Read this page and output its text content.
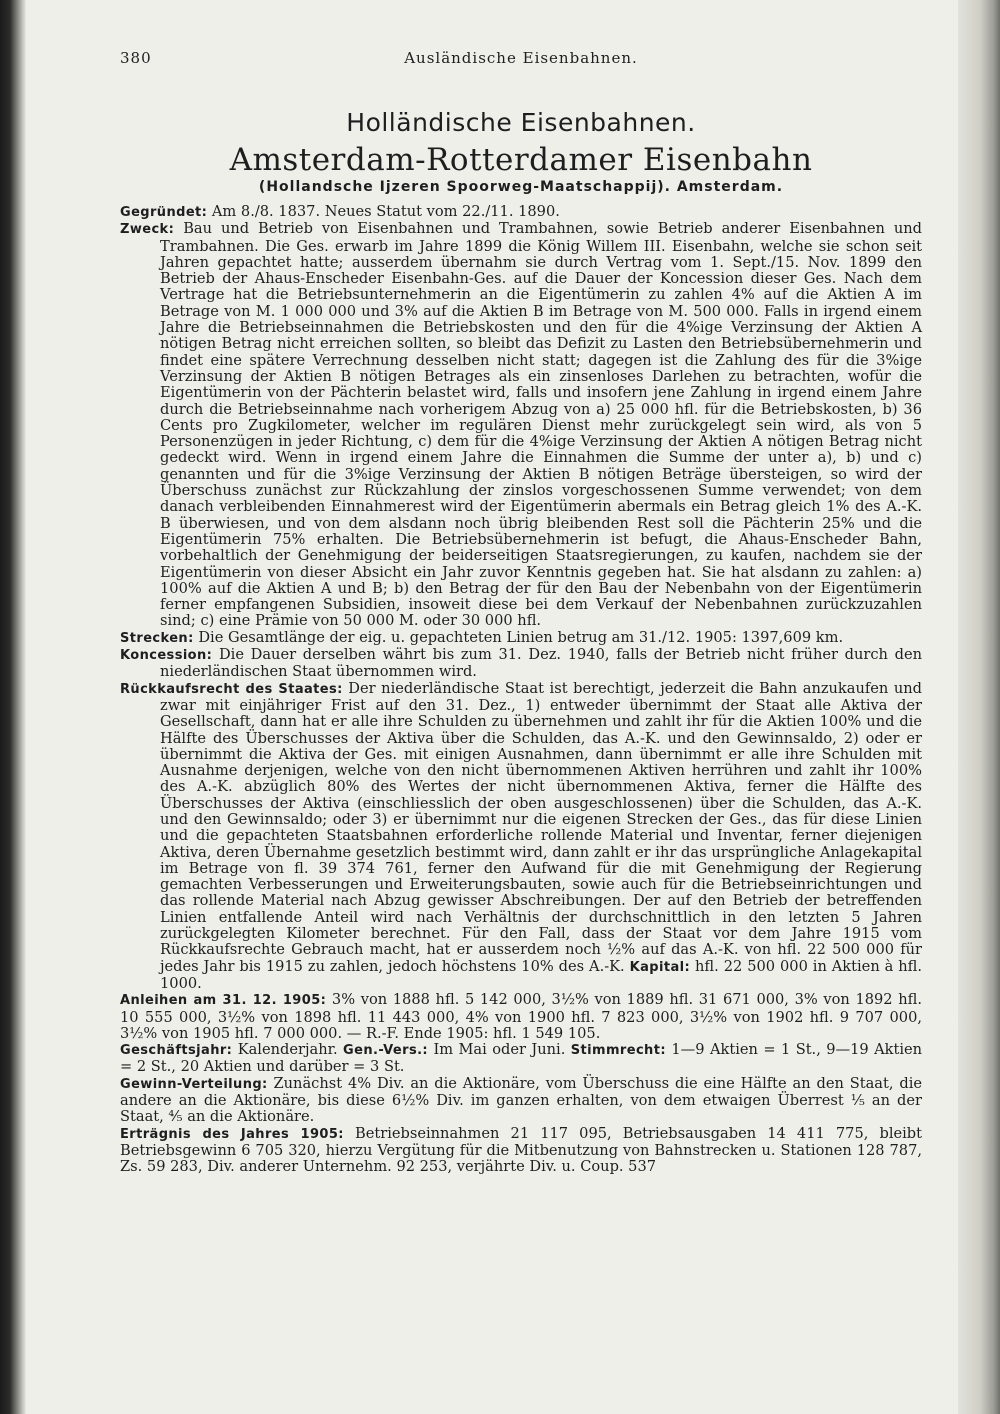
380	Ausländische Eisenbahnen.
Holländische Eisenbahnen.
Amsterdam-Rotterdamer Eisenbahn
(Hollandsche Ijzeren Spoorweg-Maatschappij). Amsterdam.

Gegründet: Am 8./8. 1837. Neues Statut vom 22./11. 1890.

Zweck: Bau und Betrieb von Eisenbahnen und Trambahnen, sowie Betrieb anderer Eisenbahnen und Trambahnen. Die Ges. erwarb im Jahre 1899 die König Willem III. Eisenbahn, welche sie schon seit Jahren gepachtet hatte; ausserdem übernahm sie durch Vertrag vom 1. Sept./15. Nov. 1899 den Betrieb der Ahaus-Enscheder Eisenbahn-Ges. auf die Dauer der Koncession dieser Ges. Nach dem Vertrage hat die Betriebsunternehmerin an die Eigentümerin zu zahlen 4% auf die Aktien A im Betrage von M. 1 000 000 und 3% auf die Aktien B im Betrage von M. 500 000. Falls in irgend einem Jahre die Betriebseinnahmen die Betriebskosten und den für die 4%ige Verzinsung der Aktien A nötigen Betrag nicht erreichen sollten, so bleibt das Defizit zu Lasten den Betriebsübernehmerin und findet eine spätere Verrechnung desselben nicht statt; dagegen ist die Zahlung des für die 3%ige Verzinsung der Aktien B nötigen Betrages als ein zinsenloses Darlehen zu betrachten, wofür die Eigentümerin von der Pächterin belastet wird, falls und insofern jene Zahlung in irgend einem Jahre durch die Betriebseinnahme nach vorherigem Abzug von a) 25 000 hfl. für die Betriebskosten, b) 36 Cents pro Zugkilometer, welcher im regulären Dienst mehr zurückgelegt sein wird, als von 5 Personenzügen in jeder Richtung, c) dem für die 4%ige Verzinsung der Aktien A nötigen Betrag nicht gedeckt wird. Wenn in irgend einem Jahre die Einnahmen die Summe der unter a), b) und c) genannten und für die 3%ige Verzinsung der Aktien B nötigen Beträge übersteigen, so wird der Überschuss zunächst zur Rückzahlung der zinslos vorgeschossenen Summe verwendet; von dem danach verbleibenden Einnahmerest wird der Eigentümerin abermals ein Betrag gleich 1% des A.-K. B überwiesen, und von dem alsdann noch übrig bleibenden Rest soll die Pächterin 25% und die Eigentümerin 75% erhalten. Die Betriebsübernehmerin ist befugt, die Ahaus-Enscheder Bahn, vorbehaltlich der Genehmigung der beiderseitigen Staatsregierungen, zu kaufen, nachdem sie der Eigentümerin von dieser Absicht ein Jahr zuvor Kenntnis gegeben hat. Sie hat alsdann zu zahlen: a) 100% auf die Aktien A und B; b) den Betrag der für den Bau der Nebenbahn von der Eigentümerin ferner empfangenen Subsidien, insoweit diese bei dem Verkauf der Nebenbahnen zurückzuzahlen sind; c) eine Prämie von 50 000 M. oder 30 000 hfl.

Strecken: Die Gesamtlänge der eig. u. gepachteten Linien betrug am 31./12. 1905: 1397,609 km.

Koncession: Die Dauer derselben währt bis zum 31. Dez. 1940, falls der Betrieb nicht früher durch den niederländischen Staat übernommen wird.

Rückkaufsrecht des Staates: Der niederländische Staat ist berechtigt, jederzeit die Bahn anzukaufen und zwar mit einjähriger Frist auf den 31. Dez., 1) entweder übernimmt der Staat alle Aktiva der Gesellschaft, dann hat er alle ihre Schulden zu übernehmen und zahlt ihr für die Aktien 100% und die Hälfte des Überschusses der Aktiva über die Schulden, das A.-K. und den Gewinnsaldo, 2) oder er übernimmt die Aktiva der Ges. mit einigen Ausnahmen, dann übernimmt er alle ihre Schulden mit Ausnahme derjenigen, welche von den nicht übernommenen Aktiven herrühren und zahlt ihr 100% des A.-K. abzüglich 80% des Wertes der nicht übernommenen Aktiva, ferner die Hälfte des Überschusses der Aktiva (einschliesslich der oben ausgeschlossenen) über die Schulden, das A.-K. und den Gewinnsaldo; oder 3) er übernimmt nur die eigenen Strecken der Ges., das für diese Linien und die gepachteten Staatsbahnen erforderliche rollende Material und Inventar, ferner diejenigen Aktiva, deren Übernahme gesetzlich bestimmt wird, dann zahlt er ihr das ursprüngliche Anlagekapital im Betrage von fl. 39 374 761, ferner den Aufwand für die mit Genehmigung der Regierung gemachten Verbesserungen und Erweiterungsbauten, sowie auch für die Betriebseinrichtungen und das rollende Material nach Abzug gewisser Abschreibungen. Der auf den Betrieb der betreffenden Linien entfallende Anteil wird nach Verhältnis der durchschnittlich in den letzten 5 Jahren zurückgelegten Kilometer berechnet. Für den Fall, dass der Staat vor dem Jahre 1915 vom Rückkaufsrechte Gebrauch macht, hat er ausserdem noch ½% auf das A.-K. von hfl. 22 500 000 für jedes Jahr bis 1915 zu zahlen, jedoch höchstens 10% des A.-K. Kapital: hfl. 22 500 000 in Aktien à hfl. 1000.

Anleihen am 31. 12. 1905: 3% von 1888 hfl. 5 142 000, 3½% von 1889 hfl. 31 671 000, 3% von 1892 hfl. 10 555 000, 3½% von 1898 hfl. 11 443 000, 4% von 1900 hfl. 7 823 000, 3½% von 1902 hfl. 9 707 000, 3½% von 1905 hfl. 7 000 000. — R.-F. Ende 1905: hfl. 1 549 105.

Geschäftsjahr: Kalenderjahr. Gen.-Vers.: Im Mai oder Juni. Stimmrecht: 1—9 Aktien = 1 St., 9—19 Aktien = 2 St., 20 Aktien und darüber = 3 St.

Gewinn-Verteilung: Zunächst 4% Div. an die Aktionäre, vom Überschuss die eine Hälfte an den Staat, die andere an die Aktionäre, bis diese 6½% Div. im ganzen erhalten, von dem etwaigen Überrest ⅕ an der Staat, ⅘ an die Aktionäre.

Erträgnis des Jahres 1905: Betriebseinnahmen 21 117 095, Betriebsausgaben 14 411 775, bleibt Betriebsgewinn 6 705 320, hierzu Vergütung für die Mitbenutzung von Bahnstrecken u. Stationen 128 787, Zs. 59 283, Div. anderer Unternehm. 92 253, verjährte Div. u. Coup. 537
